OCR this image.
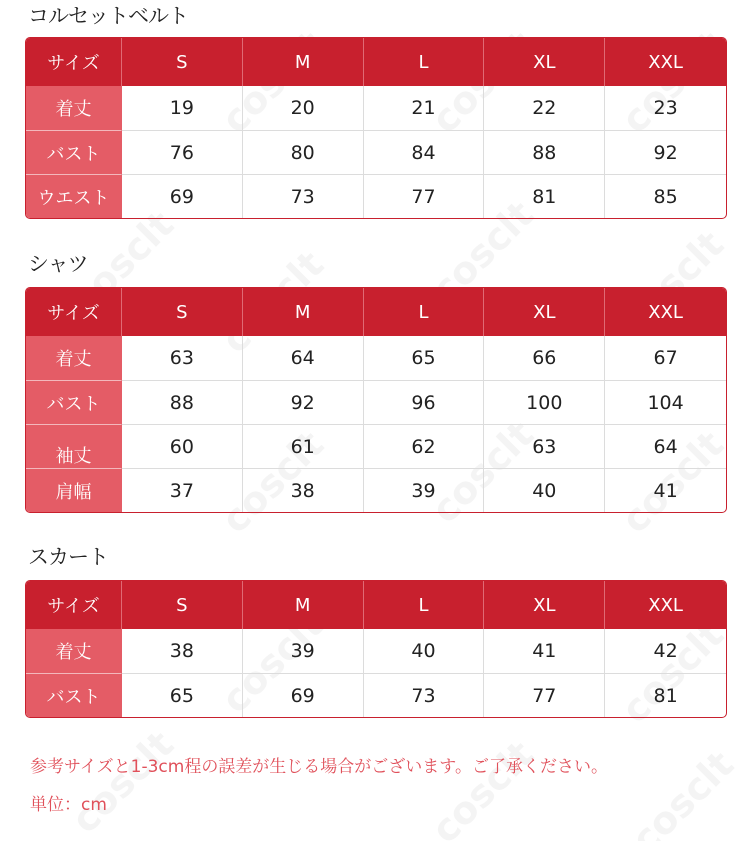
コルセットベルト
サイズ	S	M	L	XL	XXL
着丈	19	20	21	22	23
バスト	76	80	84	88	92
ウエスト	69	73	77	81	85
シャツ
サイズ	S	M	L	XL	XXL
着丈	63	64	65	66	67
バスト	88	92	96	100	104
袖丈	60	61	62	63	64
肩幅	37	38	39	40	41
スカート
サイズ	S	M	L	XL	XXL
着丈	38	39	40	41	42
バスト	65	69	73	77	81
参考サイズと1-3cm程の誤差が生じる場合がございます。ご了承ください。
単位：cm
